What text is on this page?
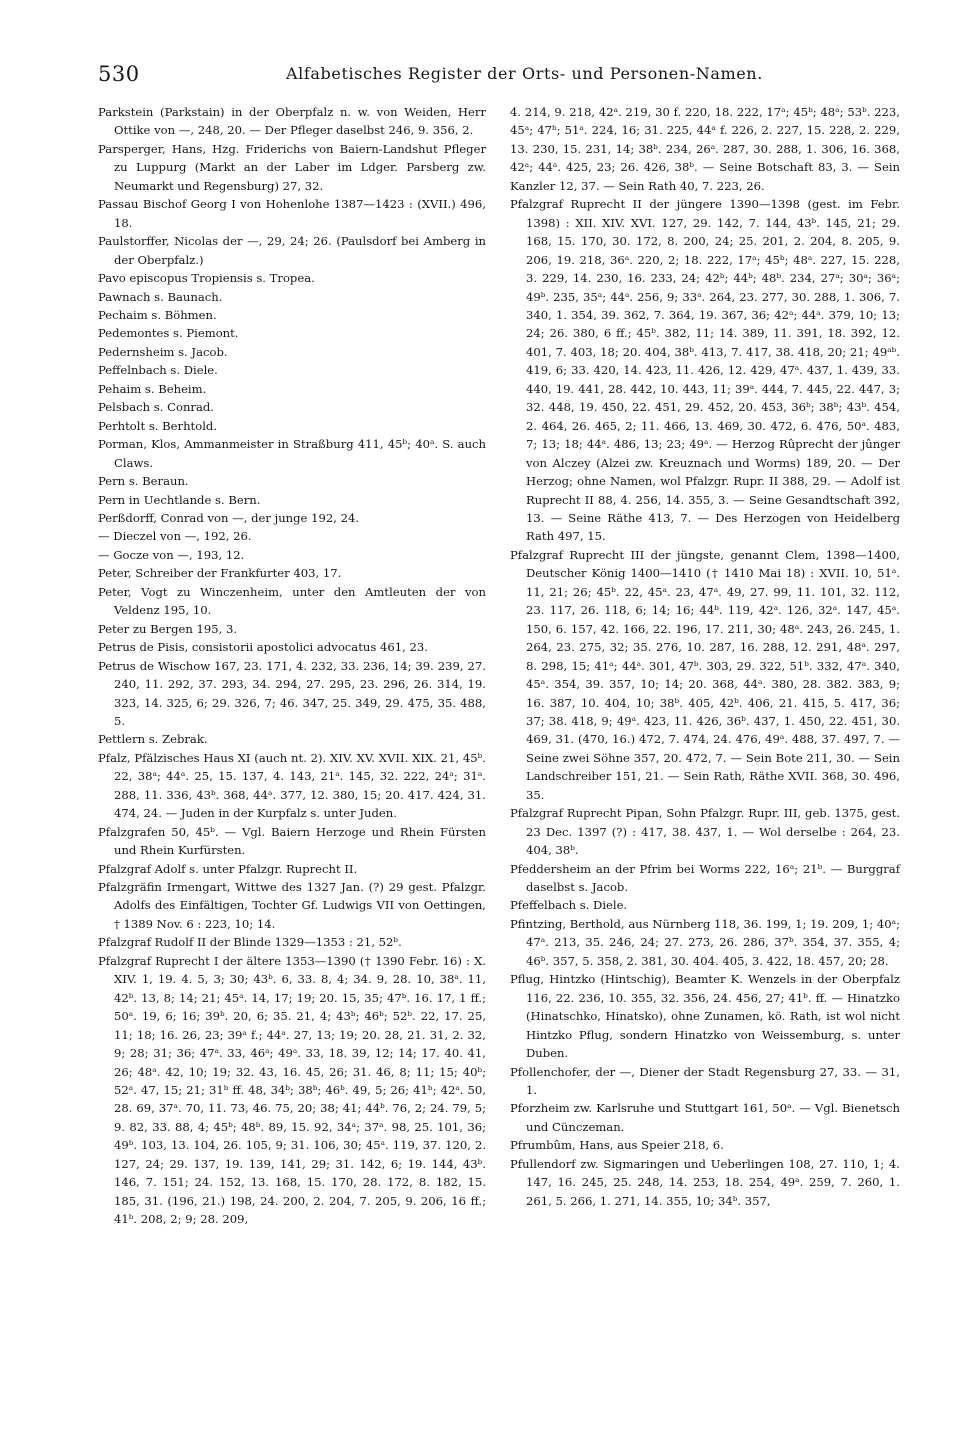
530	Alfabetisches Register der Orts- und Personen-Namen.

Parkstein (Parkstain) in der Oberpfalz n. w. von Weiden, Herr Ottike von —, 248, 20. — Der Pfleger daselbst 246, 9. 356, 2.

Parsperger, Hans, Hzg. Friderichs von Baiern-Landshut Pfleger zu Luppurg (Markt an der Laber im Ldger. Parsberg zw. Neumarkt und Regensburg) 27, 32.

Passau Bischof Georg I von Hohenlohe 1387—1423 : (XVII.) 496, 18.

Paulstorffer, Nicolas der —, 29, 24; 26. (Paulsdorf bei Amberg in der Oberpfalz.)

Pavo episcopus Tropiensis s. Tropea.

Pawnach s. Baunach.

Pechaim s. Böhmen.

Pedemontes s. Piemont.

Pedernsheim s. Jacob.

Peffelnbach s. Diele.

Pehaim s. Beheim.

Pelsbach s. Conrad.

Perhtolt s. Berhtold.

Porman, Klos, Ammanmeister in Straßburg 411, 45ᵇ; 40ᵃ. S. auch Claws.

Pern s. Beraun.

Pern in Uechtlande s. Bern.

Perßdorff, Conrad von —, der junge 192, 24.

— Dieczel von —, 192, 26.

— Gocze von —, 193, 12.

Peter, Schreiber der Frankfurter 403, 17.

Peter, Vogt zu Winczenheim, unter den Amtleuten der von Veldenz 195, 10.

Peter zu Bergen 195, 3.

Petrus de Pisis, consistorii apostolici advocatus 461, 23.

Petrus de Wischow 167, 23. 171, 4. 232, 33. 236, 14; 39. 239, 27. 240, 11. 292, 37. 293, 34. 294, 27. 295, 23. 296, 26. 314, 19. 323, 14. 325, 6; 29. 326, 7; 46. 347, 25. 349, 29. 475, 35. 488, 5.

Pettlern s. Zebrak.

Pfalz, Pfälzisches Haus XI (auch nt. 2). XIV. XV. XVII. XIX. 21, 45ᵇ. 22, 38ᵃ; 44ᵃ. 25, 15. 137, 4. 143, 21ᵃ. 145, 32. 222, 24ᵃ; 31ᵃ. 288, 11. 336, 43ᵇ. 368, 44ᵃ. 377, 12. 380, 15; 20. 417. 424, 31. 474, 24. — Juden in der Kurpfalz s. unter Juden.

Pfalzgrafen 50, 45ᵇ. — Vgl. Baiern Herzoge und Rhein Fürsten und Rhein Kurfürsten.

Pfalzgraf Adolf s. unter Pfalzgr. Ruprecht II.

Pfalzgräfin Irmengart, Wittwe des 1327 Jan. (?) 29 gest. Pfalzgr. Adolfs des Einfältigen, Tochter Gf. Ludwigs VII von Oettingen, † 1389 Nov. 6 : 223, 10; 14.

Pfalzgraf Rudolf II der Blinde 1329—1353 : 21, 52ᵇ.

Pfalzgraf Ruprecht I der ältere 1353—1390 († 1390 Febr. 16) : X. XIV. 1, 19. 4. 5, 3; 30; 43ᵇ. 6, 33. 8, 4; 34. 9, 28. 10, 38ᵃ. 11, 42ᵇ. 13, 8; 14; 21; 45ᵃ. 14, 17; 19; 20. 15, 35; 47ᵇ. 16. 17, 1 ff.; 50ᵃ. 19, 6; 16; 39ᵇ. 20, 6; 35. 21, 4; 43ᵇ; 46ᵇ; 52ᵇ. 22, 17. 25, 11; 18; 16. 26, 23; 39ᵃ f.; 44ᵃ. 27, 13; 19; 20. 28, 21. 31, 2. 32, 9; 28; 31; 36; 47ᵃ. 33, 46ᵃ; 49ᵃ. 33, 18. 39, 12; 14; 17. 40. 41, 26; 48ᵃ. 42, 10; 19; 32. 43, 16. 45, 26; 31. 46, 8; 11; 15; 40ᵇ; 52ᵃ. 47, 15; 21; 31ᵇ ff. 48, 34ᵇ; 38ᵇ; 46ᵇ. 49, 5; 26; 41ᵇ; 42ᵃ. 50, 28. 69, 37ᵃ. 70, 11. 73, 46. 75, 20; 38; 41; 44ᵇ. 76, 2; 24. 79, 5; 9. 82, 33. 88, 4; 45ᵇ; 48ᵇ. 89, 15. 92, 34ᵃ; 37ᵃ. 98, 25. 101, 36; 49ᵇ. 103, 13. 104, 26. 105, 9; 31. 106, 30; 45ᵃ. 119, 37. 120, 2. 127, 24; 29. 137, 19. 139, 141, 29; 31. 142, 6; 19. 144, 43ᵇ. 146, 7. 151; 24. 152, 13. 168, 15. 170, 28. 172, 8. 182, 15. 185, 31. (196, 21.) 198, 24. 200, 2. 204, 7. 205, 9. 206, 16 ff.; 41ᵇ. 208, 2; 9; 28. 209,

4. 214, 9. 218, 42ᵃ. 219, 30 f. 220, 18. 222, 17ᵃ; 45ᵇ; 48ᵃ; 53ᵇ. 223, 45ᵃ; 47ᵇ; 51ᵃ. 224, 16; 31. 225, 44ᵃ f. 226, 2. 227, 15. 228, 2. 229, 13. 230, 15. 231, 14; 38ᵇ. 234, 26ᵃ. 287, 30. 288, 1. 306, 16. 368, 42ᵃ; 44ᵃ. 425, 23; 26. 426, 38ᵇ. — Seine Botschaft 83, 3. — Sein Kanzler 12, 37. — Sein Rath 40, 7. 223, 26.

Pfalzgraf Ruprecht II der jüngere 1390—1398 (gest. im Febr. 1398) : XII. XIV. XVI. 127, 29. 142, 7. 144, 43ᵇ. 145, 21; 29. 168, 15. 170, 30. 172, 8. 200, 24; 25. 201, 2. 204, 8. 205, 9. 206, 19. 218, 36ᵃ. 220, 2; 18. 222, 17ᵃ; 45ᵇ; 48ᵃ. 227, 15. 228, 3. 229, 14. 230, 16. 233, 24; 42ᵇ; 44ᵇ; 48ᵇ. 234, 27ᵃ; 30ᵃ; 36ᵃ; 49ᵇ. 235, 35ᵃ; 44ᵃ. 256, 9; 33ᵃ. 264, 23. 277, 30. 288, 1. 306, 7. 340, 1. 354, 39. 362, 7. 364, 19. 367, 36; 42ᵃ; 44ᵃ. 379, 10; 13; 24; 26. 380, 6 ff.; 45ᵇ. 382, 11; 14. 389, 11. 391, 18. 392, 12. 401, 7. 403, 18; 20. 404, 38ᵇ. 413, 7. 417, 38. 418, 20; 21; 49ᵃᵇ. 419, 6; 33. 420, 14. 423, 11. 426, 12. 429, 47ᵃ. 437, 1. 439, 33. 440, 19. 441, 28. 442, 10. 443, 11; 39ᵃ. 444, 7. 445, 22. 447, 3; 32. 448, 19. 450, 22. 451, 29. 452, 20. 453, 36ᵇ; 38ᵇ; 43ᵇ. 454, 2. 464, 26. 465, 2; 11. 466, 13. 469, 30. 472, 6. 476, 50ᵃ. 483, 7; 13; 18; 44ᵃ. 486, 13; 23; 49ᵃ. — Herzog Rûprecht der jûnger von Alczey (Alzei zw. Kreuznach und Worms) 189, 20. — Der Herzog; ohne Namen, wol Pfalzgr. Rupr. II 388, 29. — Adolf ist Ruprecht II 88, 4. 256, 14. 355, 3. — Seine Gesandtschaft 392, 13. — Seine Räthe 413, 7. — Des Herzogen von Heidelberg Rath 497, 15.

Pfalzgraf Ruprecht III der jüngste, genannt Clem, 1398—1400, Deutscher König 1400—1410 († 1410 Mai 18) : XVII. 10, 51ᵃ. 11, 21; 26; 45ᵇ. 22, 45ᵃ. 23, 47ᵃ. 49, 27. 99, 11. 101, 32. 112, 23. 117, 26. 118, 6; 14; 16; 44ᵇ. 119, 42ᵃ. 126, 32ᵃ. 147, 45ᵃ. 150, 6. 157, 42. 166, 22. 196, 17. 211, 30; 48ᵃ. 243, 26. 245, 1. 264, 23. 275, 32; 35. 276, 10. 287, 16. 288, 12. 291, 48ᵃ. 297, 8. 298, 15; 41ᵃ; 44ᵃ. 301, 47ᵇ. 303, 29. 322, 51ᵇ. 332, 47ᵃ. 340, 45ᵃ. 354, 39. 357, 10; 14; 20. 368, 44ᵃ. 380, 28. 382. 383, 9; 16. 387, 10. 404, 10; 38ᵇ. 405, 42ᵇ. 406, 21. 415, 5. 417, 36; 37; 38. 418, 9; 49ᵃ. 423, 11. 426, 36ᵇ. 437, 1. 450, 22. 451, 30. 469, 31. (470, 16.) 472, 7. 474, 24. 476, 49ᵃ. 488, 37. 497, 7. — Seine zwei Söhne 357, 20. 472, 7. — Sein Bote 211, 30. — Sein Landschreiber 151, 21. — Sein Rath, Räthe XVII. 368, 30. 496, 35.

Pfalzgraf Ruprecht Pipan, Sohn Pfalzgr. Rupr. III, geb. 1375, gest. 23 Dec. 1397 (?) : 417, 38. 437, 1. — Wol derselbe : 264, 23. 404, 38ᵇ.

Pfeddersheim an der Pfrim bei Worms 222, 16ᵃ; 21ᵇ. — Burggraf daselbst s. Jacob.

Pfeffelbach s. Diele.

Pfintzing, Berthold, aus Nürnberg 118, 36. 199, 1; 19. 209, 1; 40ᵃ; 47ᵃ. 213, 35. 246, 24; 27. 273, 26. 286, 37ᵇ. 354, 37. 355, 4; 46ᵇ. 357, 5. 358, 2. 381, 30. 404. 405, 3. 422, 18. 457, 20; 28.

Pflug, Hintzko (Hintschig), Beamter K. Wenzels in der Oberpfalz 116, 22. 236, 10. 355, 32. 356, 24. 456, 27; 41ᵇ. ff. — Hinatzko (Hinatschko, Hinatsko), ohne Zunamen, kö. Rath, ist wol nicht Hintzko Pflug, sondern Hinatzko von Weissemburg, s. unter Duben.

Pfollenchofer, der —, Diener der Stadt Regensburg 27, 33. — 31, 1.

Pforzheim zw. Karlsruhe und Stuttgart 161, 50ᵃ. — Vgl. Bienetsch und Cünczeman.

Pfrumbûm, Hans, aus Speier 218, 6.

Pfullendorf zw. Sigmaringen und Ueberlingen 108, 27. 110, 1; 4. 147, 16. 245, 25. 248, 14. 253, 18. 254, 49ᵃ. 259, 7. 260, 1. 261, 5. 266, 1. 271, 14. 355, 10; 34ᵇ. 357,
